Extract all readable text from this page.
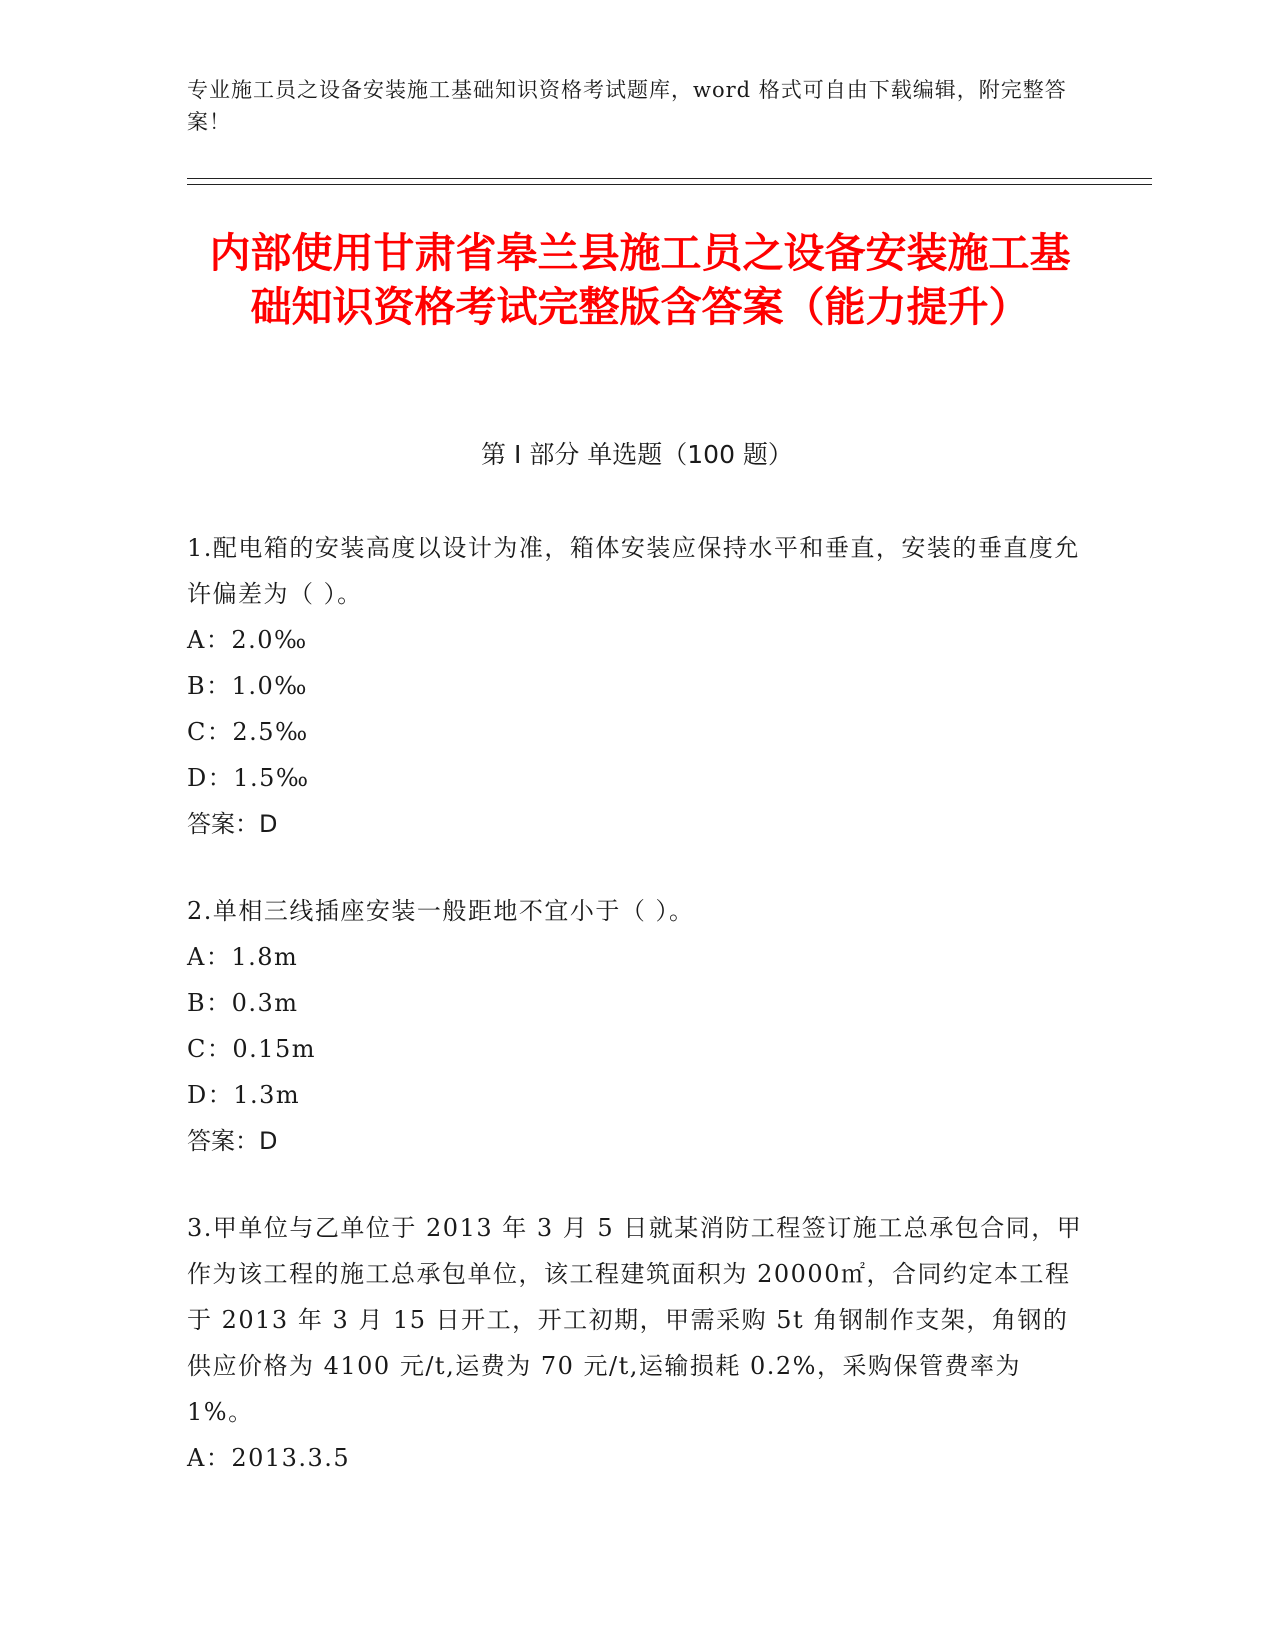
专业施工员之设备安装施工基础知识资格考试题库，word 格式可自由下载编辑，附完整答案！
内部使用甘肃省皋兰县施工员之设备安装施工基础知识资格考试完整版含答案（能力提升）
第 I 部分 单选题（100 题）

1.配电箱的安装高度以设计为准，箱体安装应保持水平和垂直，安装的垂直度允许偏差为（ ）。

A：2.0‰

B：1.0‰

C：2.5‰

D：1.5‰

答案：D

2.单相三线插座安装一般距地不宜小于（ ）。

A：1.8m

B：0.3m

C：0.15m

D：1.3m

答案：D

3.甲单位与乙单位于 2013 年 3 月 5 日就某消防工程签订施工总承包合同，甲作为该工程的施工总承包单位，该工程建筑面积为 20000㎡，合同约定本工程于 2013 年 3 月 15 日开工，开工初期，甲需采购 5t 角钢制作支架，角钢的供应价格为 4100 元/t,运费为 70 元/t,运输损耗 0.2%，采购保管费率为 1%。

A：2013.3.5
